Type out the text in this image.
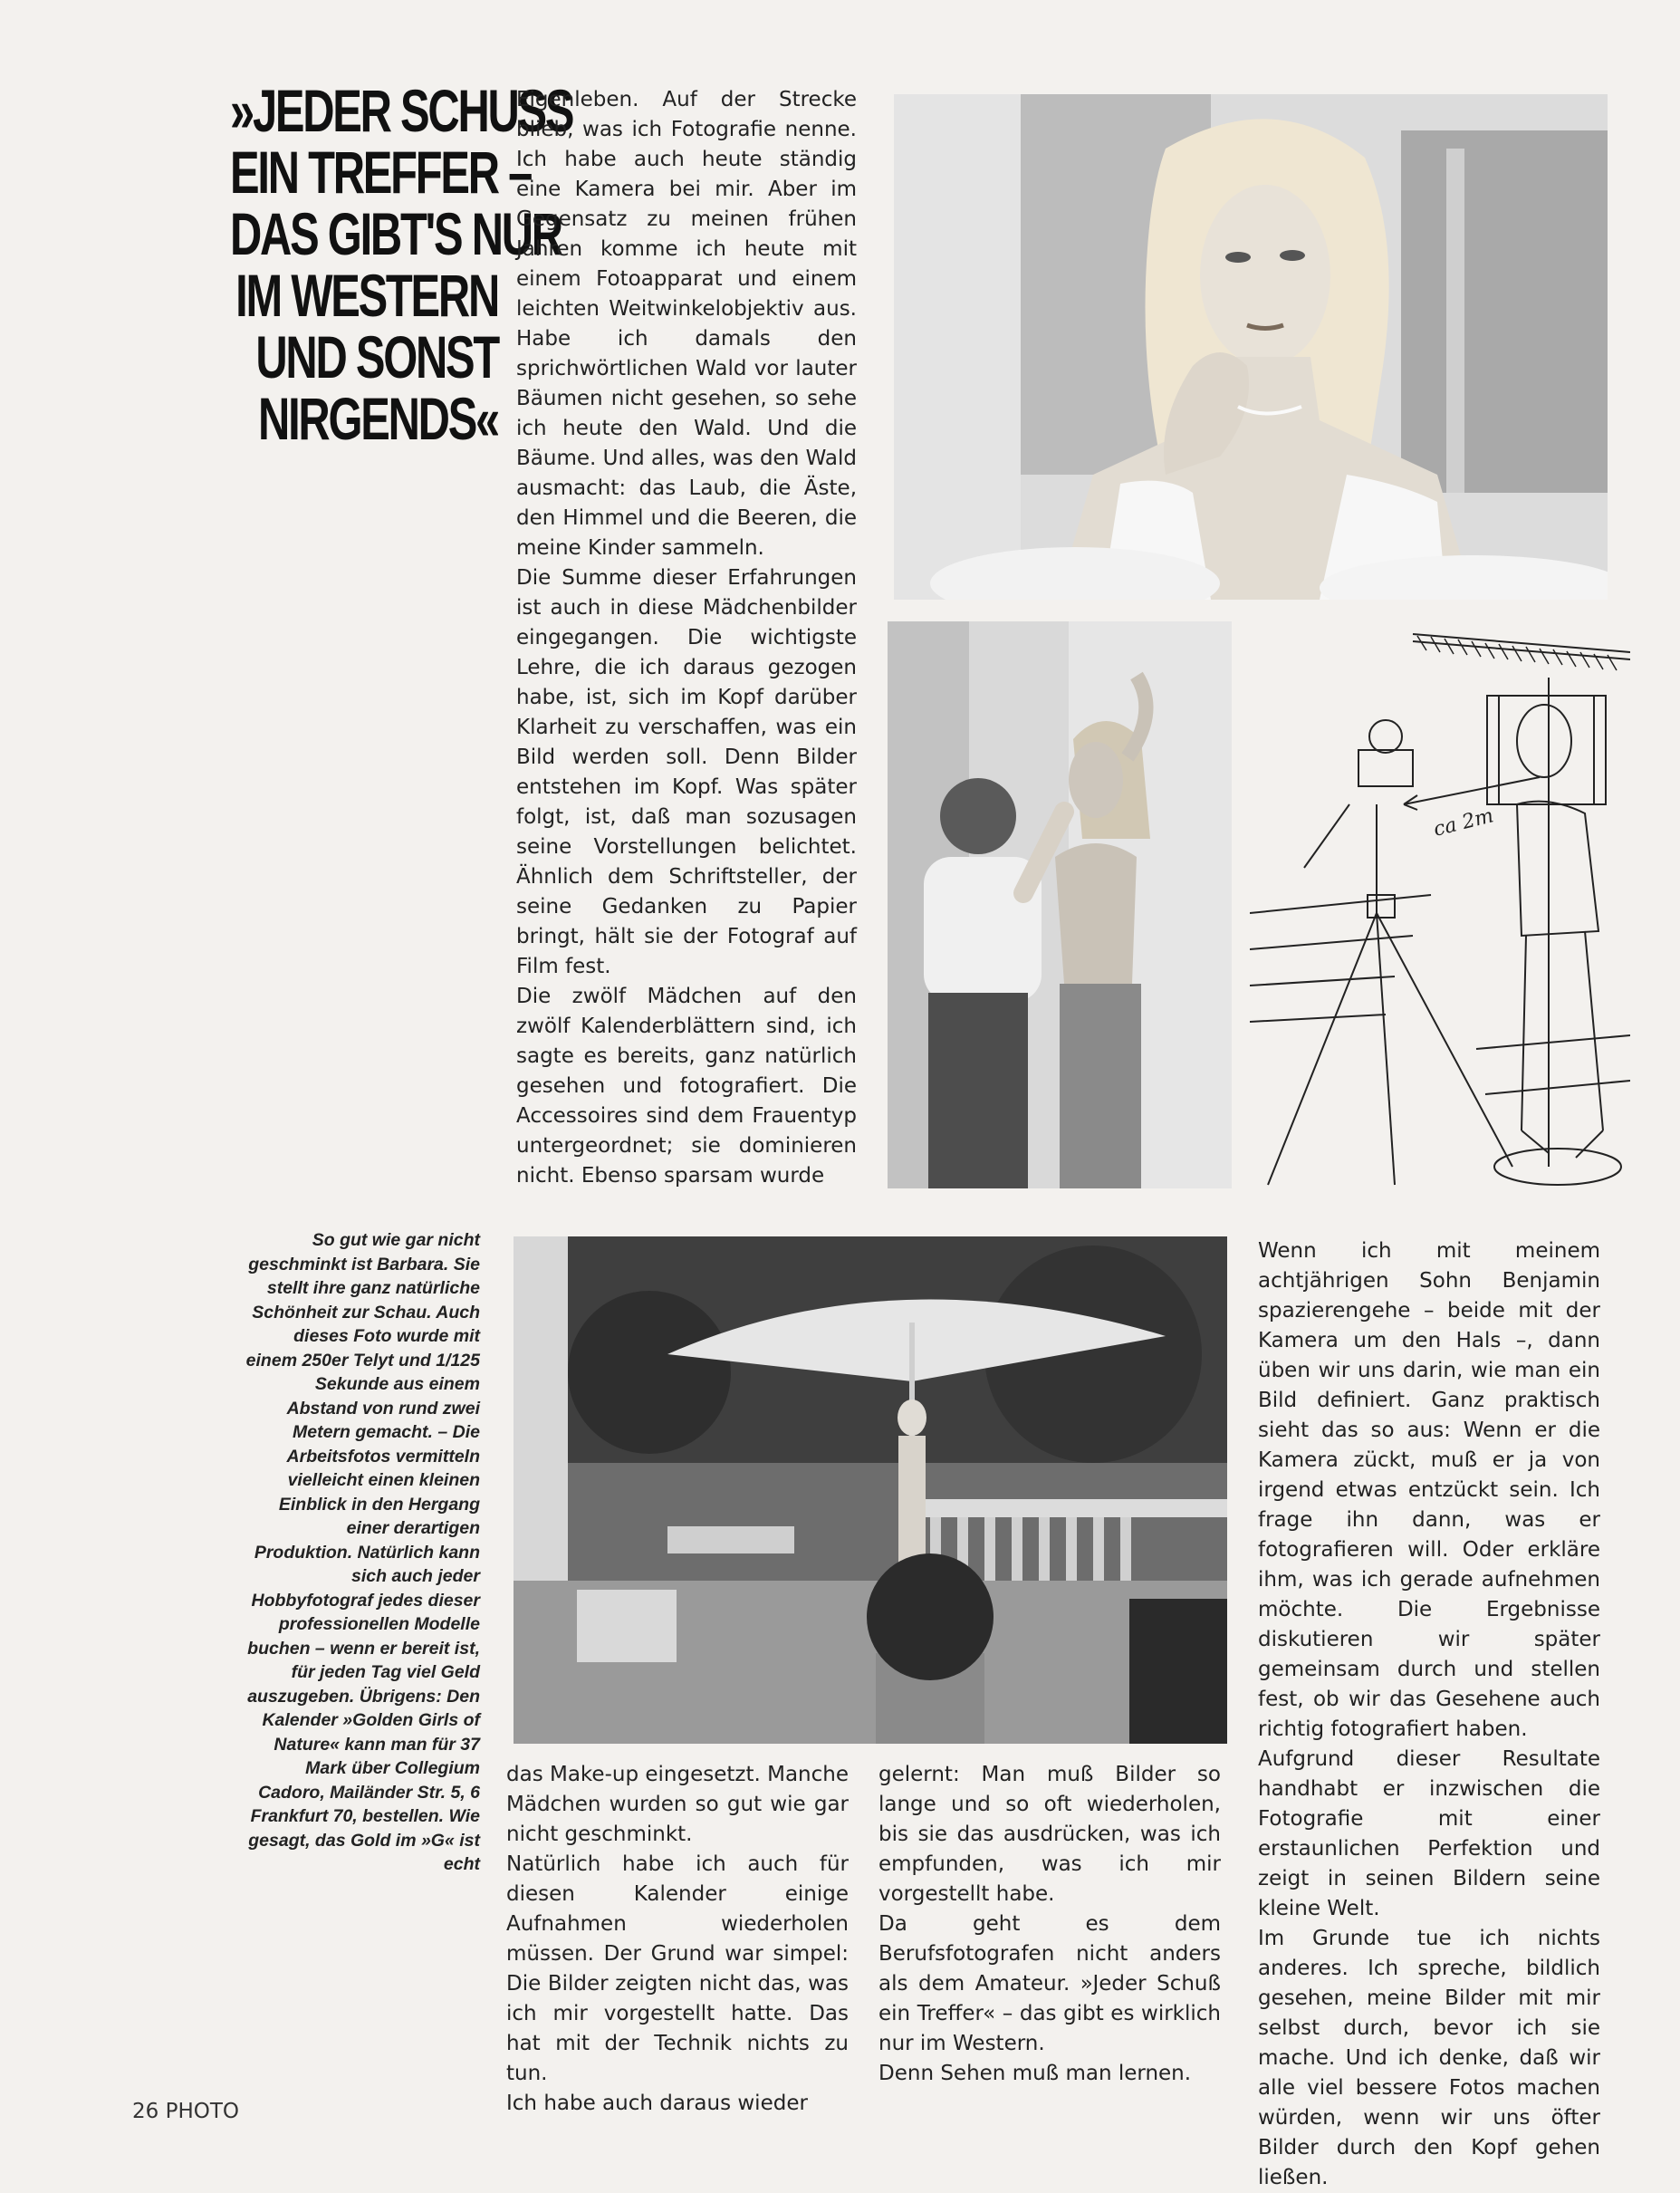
»JEDER SCHUSS
EIN TREFFER –
DAS GIBT'S NUR
IM WESTERN
UND SONST
NIRGENDS«

Eigenleben. Auf der Strecke blieb, was ich Fotografie nenne. Ich habe auch heute ständig eine Kamera bei mir. Aber im Gegensatz zu meinen frühen Jahren komme ich heute mit einem Fotoapparat und einem leichten Weitwinkelobjektiv aus. Habe ich damals den sprichwörtlichen Wald vor lauter Bäumen nicht gesehen, so sehe ich heute den Wald. Und die Bäume. Und alles, was den Wald ausmacht: das Laub, die Äste, den Himmel und die Beeren, die meine Kinder sammeln.

Die Summe dieser Erfahrungen ist auch in diese Mädchenbilder eingegangen. Die wichtigste Lehre, die ich daraus gezogen habe, ist, sich im Kopf darüber Klarheit zu verschaffen, was ein Bild werden soll. Denn Bilder entstehen im Kopf. Was später folgt, ist, daß man sozusagen seine Vorstellungen belichtet. Ähnlich dem Schriftsteller, der seine Gedanken zu Papier bringt, hält sie der Fotograf auf Film fest.

Die zwölf Mädchen auf den zwölf Kalenderblättern sind, ich sagte es bereits, ganz natürlich gesehen und fotografiert. Die Accessoires sind dem Frauentyp untergeordnet; sie dominieren nicht. Ebenso sparsam wurde

ca 2m
So gut wie gar nicht geschminkt ist Barbara. Sie stellt ihre ganz natürliche Schönheit zur Schau. Auch dieses Foto wurde mit einem 250er Telyt und 1/125 Sekunde aus einem Abstand von rund zwei Metern gemacht. – Die Arbeitsfotos vermitteln vielleicht einen kleinen Einblick in den Hergang einer derartigen Produktion. Natürlich kann sich auch jeder Hobbyfotograf jedes dieser professionellen Modelle buchen – wenn er bereit ist, für jeden Tag viel Geld auszugeben. Übrigens: Den Kalender »Golden Girls of Nature« kann man für 37 Mark über Collegium Cadoro, Mailänder Str. 5, 6 Frankfurt 70, bestellen. Wie gesagt, das Gold im »G« ist echt

das Make-up eingesetzt. Manche Mädchen wurden so gut wie gar nicht geschminkt.

Natürlich habe ich auch für diesen Kalender einige Aufnahmen wiederholen müssen. Der Grund war simpel: Die Bilder zeigten nicht das, was ich mir vorgestellt hatte. Das hat mit der Technik nichts zu tun.

Ich habe auch daraus wieder

gelernt: Man muß Bilder so lange und so oft wiederholen, bis sie das ausdrücken, was ich empfunden, was ich mir vorgestellt habe.

Da geht es dem Berufsfotografen nicht anders als dem Amateur. »Jeder Schuß ein Treffer« – das gibt es wirklich nur im Western.

Denn Sehen muß man lernen.

Wenn ich mit meinem achtjährigen Sohn Benjamin spazierengehe – beide mit der Kamera um den Hals –, dann üben wir uns darin, wie man ein Bild definiert. Ganz praktisch sieht das so aus: Wenn er die Kamera zückt, muß er ja von irgend etwas entzückt sein. Ich frage ihn dann, was er fotografieren will. Oder erkläre ihm, was ich gerade aufnehmen möchte. Die Ergebnisse diskutieren wir später gemeinsam durch und stellen fest, ob wir das Gesehene auch richtig fotografiert haben.

Aufgrund dieser Resultate handhabt er inzwischen die Fotografie mit einer erstaunlichen Perfektion und zeigt in seinen Bildern seine kleine Welt.

Im Grunde tue ich nichts anderes. Ich spreche, bildlich gesehen, meine Bilder mit mir selbst durch, bevor ich sie mache. Und ich denke, daß wir alle viel bessere Fotos machen würden, wenn wir uns öfter Bilder durch den Kopf gehen ließen.

26 PHOTO
